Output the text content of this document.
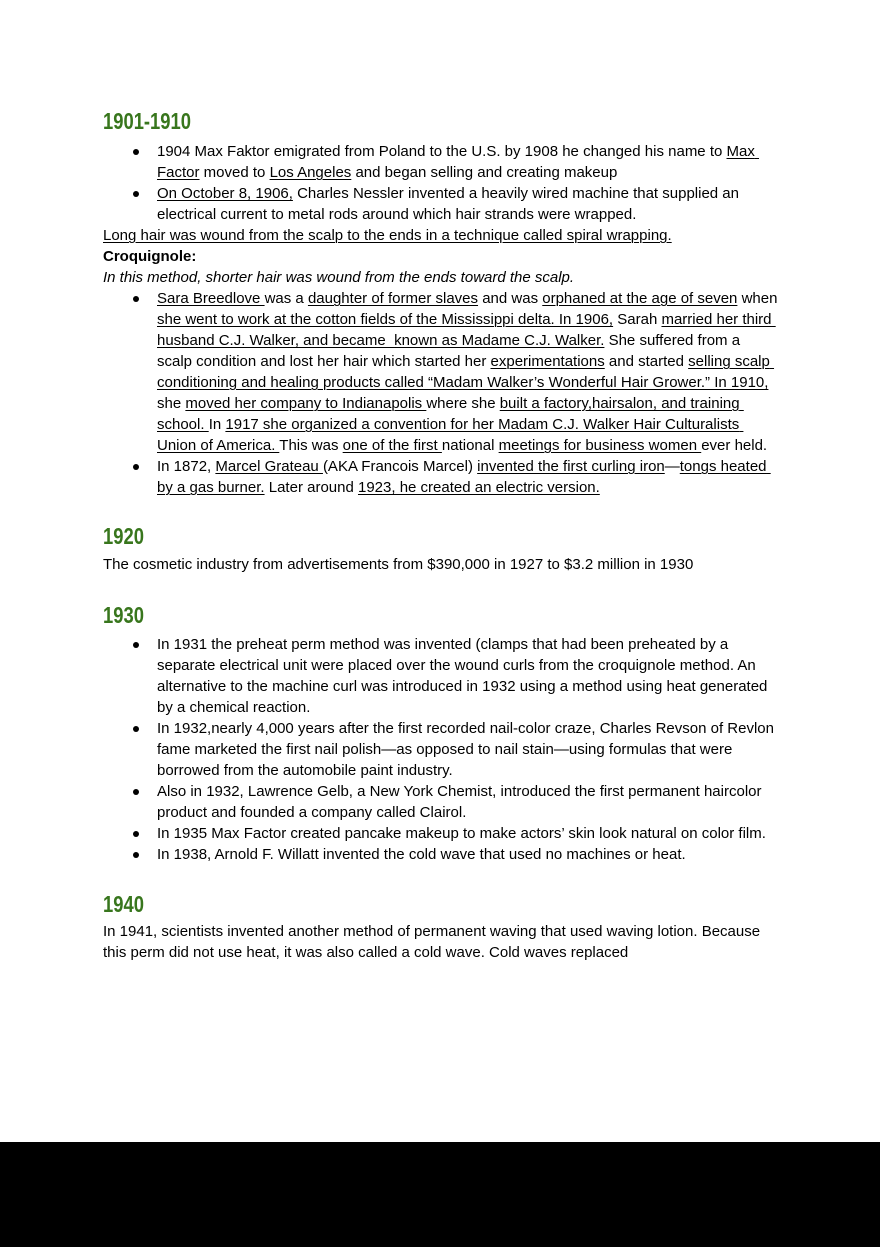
1901-1910
1904 Max Faktor emigrated from Poland to the U.S. by 1908 he changed his name to Max Factor moved to Los Angeles and began selling and creating makeup
On October 8, 1906, Charles Nessler invented a heavily wired machine that supplied an electrical current to metal rods around which hair strands were wrapped.
Long hair was wound from the scalp to the ends in a technique called spiral wrapping.
Croquignole:
In this method, shorter hair was wound from the ends toward the scalp.
Sara Breedlove was a daughter of former slaves and was orphaned at the age of seven when she went to work at the cotton fields of the Mississippi delta. In 1906, Sarah married her third husband C.J. Walker, and became  known as Madame C.J. Walker. She suffered from a scalp condition and lost her hair which started her experimentations and started selling scalp conditioning and healing products called “Madam Walker’s Wonderful Hair Grower.” In 1910, she moved her company to Indianapolis where she built a factory,hairsalon, and training school. In 1917 she organized a convention for her Madam C.J. Walker Hair Culturalists Union of America. This was one of the first national meetings for business women ever held.
In 1872, Marcel Grateau (AKA Francois Marcel) invented the first curling iron—tongs heated by a gas burner. Later around 1923, he created an electric version.
1920
The cosmetic industry from advertisements from $390,000 in 1927 to $3.2 million in 1930
1930
In 1931 the preheat perm method was invented (clamps that had been preheated by a separate electrical unit were placed over the wound curls from the croquignole method. An alternative to the machine curl was introduced in 1932 using a method using heat generated by a chemical reaction.
In 1932,nearly 4,000 years after the first recorded nail-color craze, Charles Revson of Revlon fame marketed the first nail polish—as opposed to nail stain—using formulas that were borrowed from the automobile paint industry.
Also in 1932, Lawrence Gelb, a New York Chemist, introduced the first permanent haircolor product and founded a company called Clairol.
In 1935 Max Factor created pancake makeup to make actors’ skin look natural on color film.
In 1938, Arnold F. Willatt invented the cold wave that used no machines or heat.
1940
In 1941, scientists invented another method of permanent waving that used waving lotion. Because this perm did not use heat, it was also called a cold wave. Cold waves replaced
